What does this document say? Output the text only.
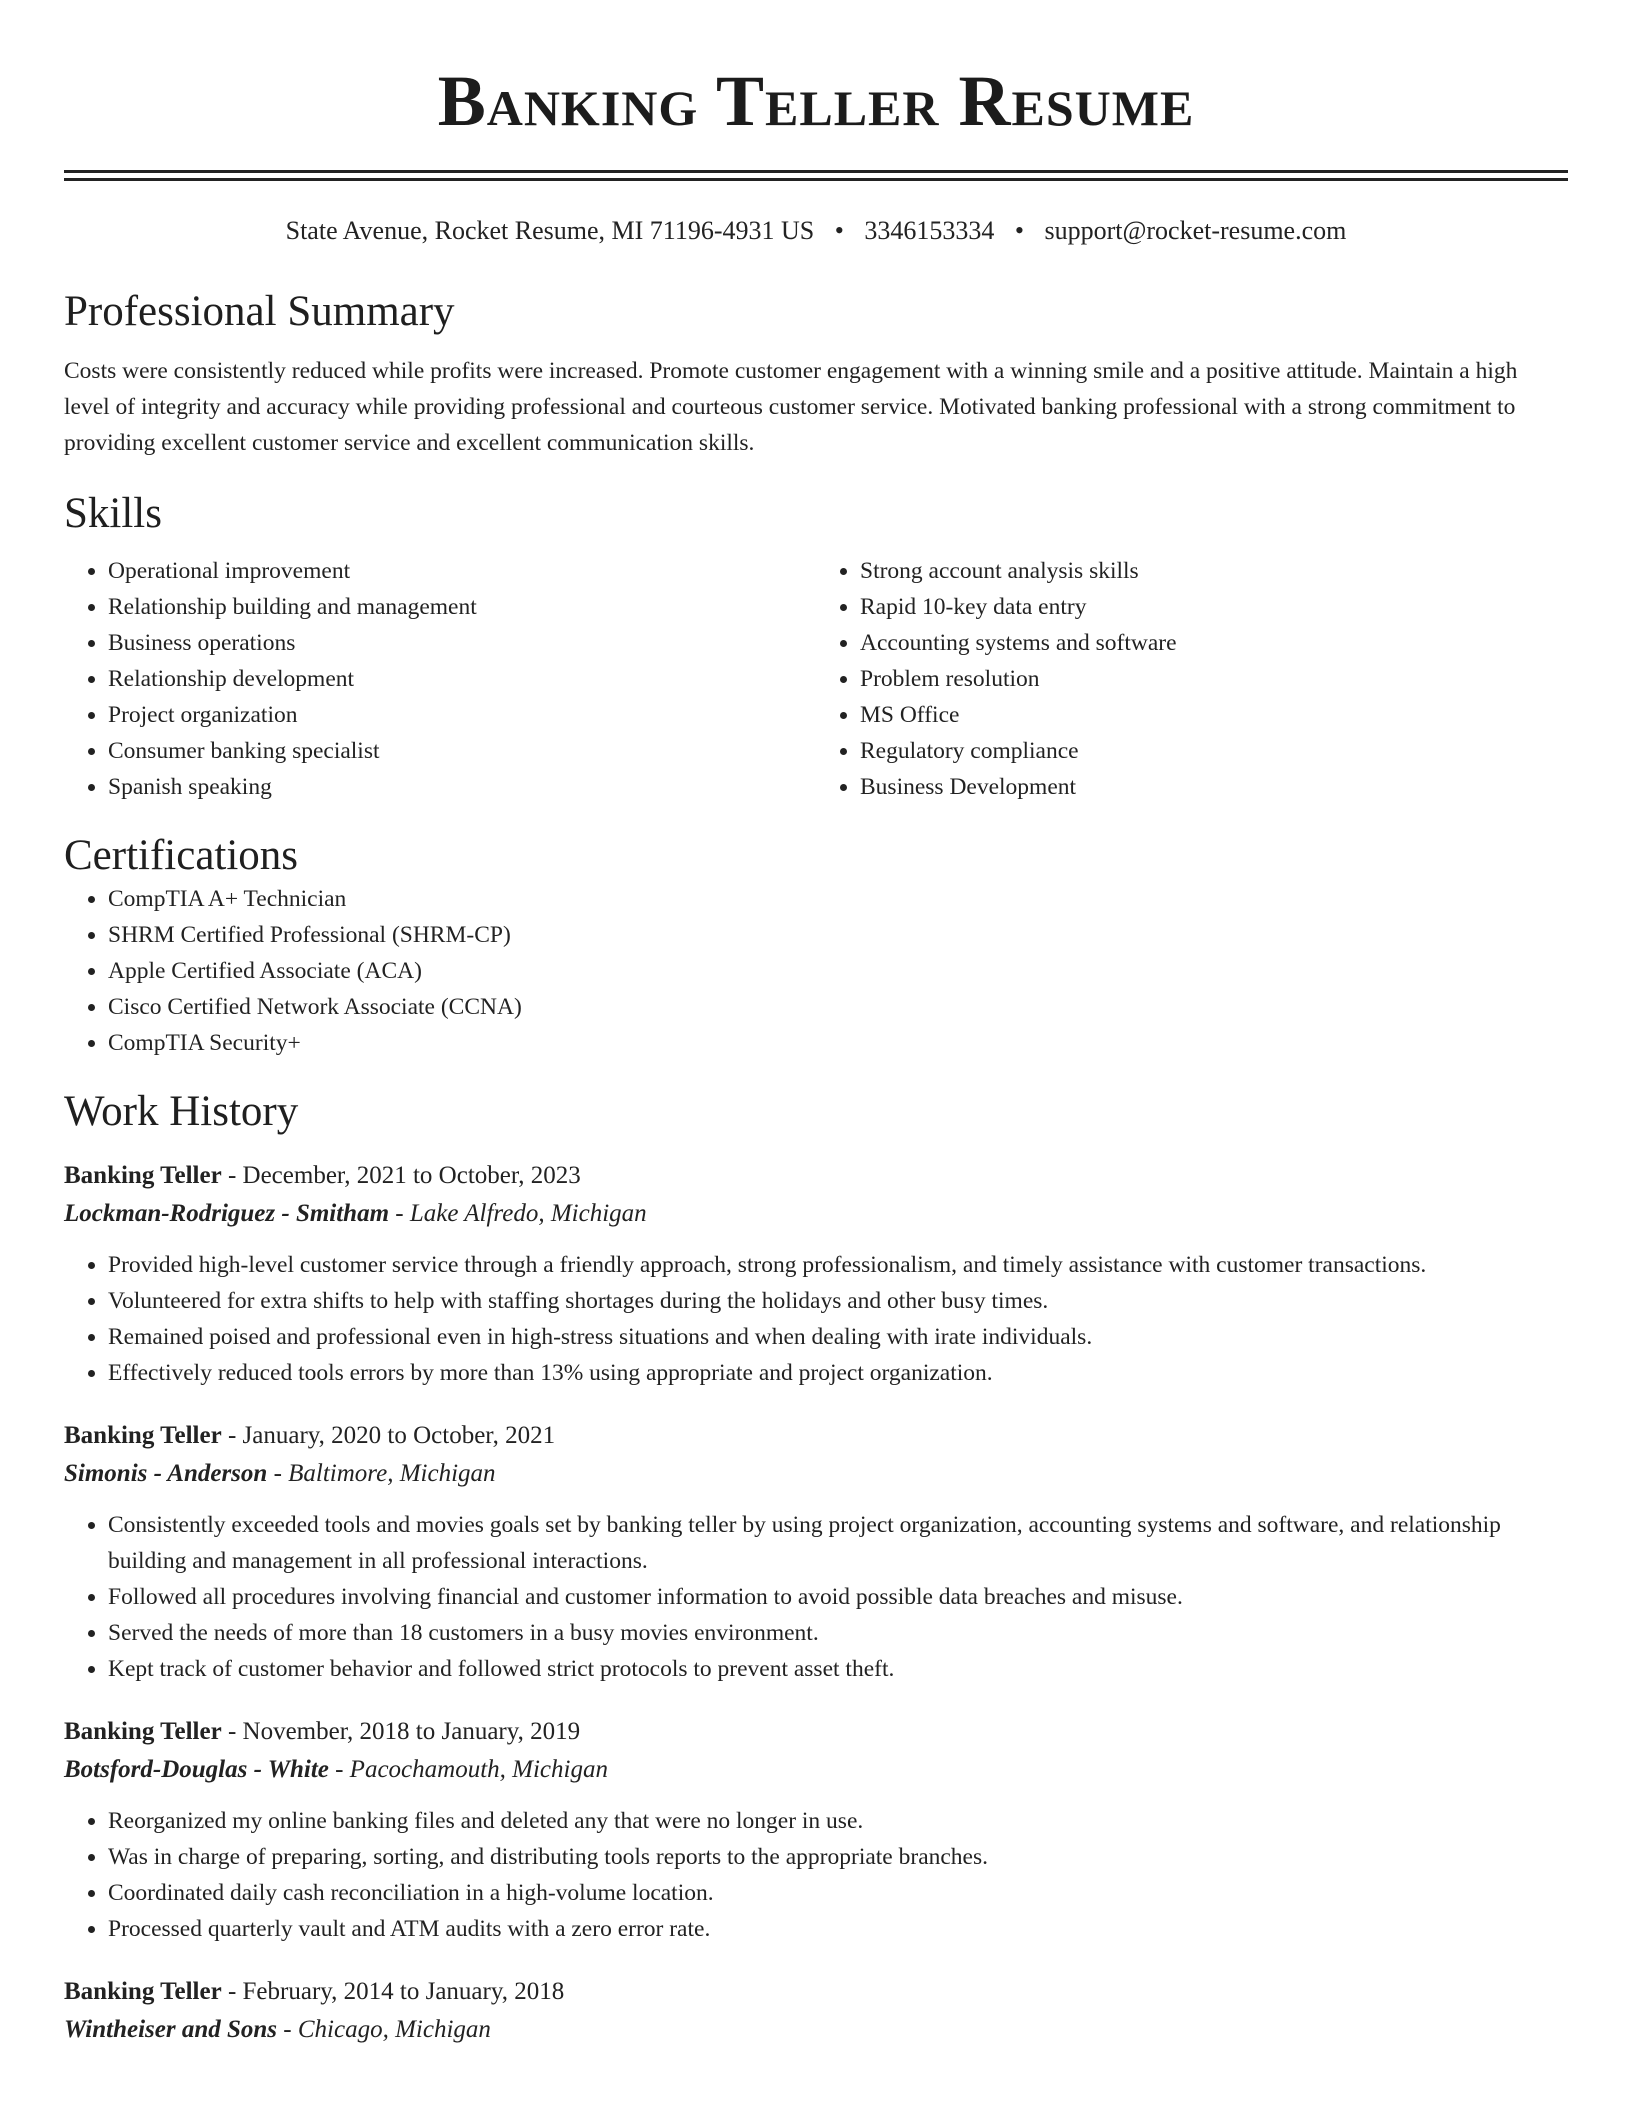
Banking Teller Resume
State Avenue, Rocket Resume, MI 71196-4931 US • 3346153334 • support@rocket-resume.com
Professional Summary
Costs were consistently reduced while profits were increased. Promote customer engagement with a winning smile and a positive attitude. Maintain a high level of integrity and accuracy while providing professional and courteous customer service. Motivated banking professional with a strong commitment to providing excellent customer service and excellent communication skills.
Skills
• Operational improvement
• Relationship building and management
• Business operations
• Relationship development
• Project organization
• Consumer banking specialist
• Spanish speaking
• Strong account analysis skills
• Rapid 10-key data entry
• Accounting systems and software
• Problem resolution
• MS Office
• Regulatory compliance
• Business Development
Certifications
• CompTIA A+ Technician
• SHRM Certified Professional (SHRM-CP)
• Apple Certified Associate (ACA)
• Cisco Certified Network Associate (CCNA)
• CompTIA Security+
Work History
Banking Teller - December, 2021 to October, 2023
Lockman-Rodriguez - Smitham - Lake Alfredo, Michigan
• Provided high-level customer service through a friendly approach, strong professionalism, and timely assistance with customer transactions.
• Volunteered for extra shifts to help with staffing shortages during the holidays and other busy times.
• Remained poised and professional even in high-stress situations and when dealing with irate individuals.
• Effectively reduced tools errors by more than 13% using appropriate and project organization.
Banking Teller - January, 2020 to October, 2021
Simonis - Anderson - Baltimore, Michigan
• Consistently exceeded tools and movies goals set by banking teller by using project organization, accounting systems and software, and relationship building and management in all professional interactions.
• Followed all procedures involving financial and customer information to avoid possible data breaches and misuse.
• Served the needs of more than 18 customers in a busy movies environment.
• Kept track of customer behavior and followed strict protocols to prevent asset theft.
Banking Teller - November, 2018 to January, 2019
Botsford-Douglas - White - Pacochamouth, Michigan
• Reorganized my online banking files and deleted any that were no longer in use.
• Was in charge of preparing, sorting, and distributing tools reports to the appropriate branches.
• Coordinated daily cash reconciliation in a high-volume location.
• Processed quarterly vault and ATM audits with a zero error rate.
Banking Teller - February, 2014 to January, 2018
Wintheiser and Sons - Chicago, Michigan
